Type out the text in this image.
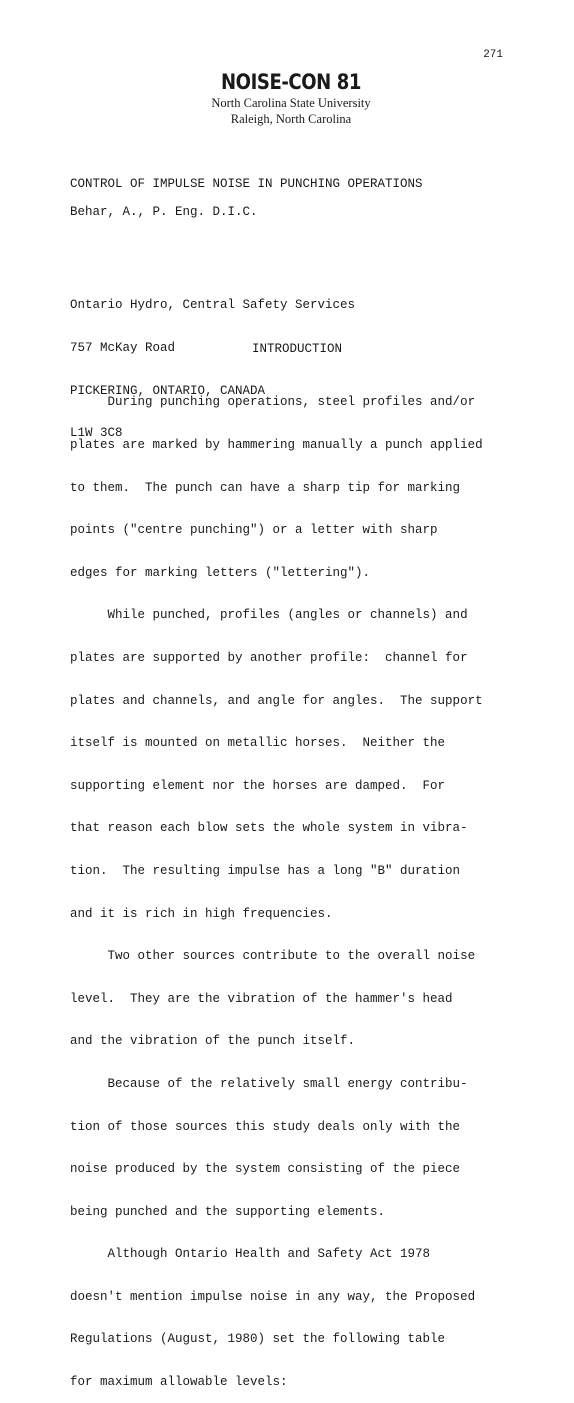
271
NOISE-CON 81
North Carolina State University
Raleigh, North Carolina
CONTROL OF IMPULSE NOISE IN PUNCHING OPERATIONS
Behar, A., P. Eng. D.I.C.

Ontario Hydro, Central Safety Services

757 McKay Road

PICKERING, ONTARIO, CANADA

L1W 3C8

INTRODUCTION

During punching operations, steel profiles and/or

plates are marked by hammering manually a punch applied

to them.  The punch can have a sharp tip for marking

points ("centre punching") or a letter with sharp

edges for marking letters ("lettering").

While punched, profiles (angles or channels) and

plates are supported by another profile:  channel for

plates and channels, and angle for angles.  The support

itself is mounted on metallic horses.  Neither the

supporting element nor the horses are damped.  For

that reason each blow sets the whole system in vibra-

tion.  The resulting impulse has a long "B" duration

and it is rich in high frequencies.

Two other sources contribute to the overall noise

level.  They are the vibration of the hammer's head

and the vibration of the punch itself.

Because of the relatively small energy contribu-

tion of those sources this study deals only with the

noise produced by the system consisting of the piece

being punched and the supporting elements.

Although Ontario Health and Safety Act 1978

doesn't mention impulse noise in any way, the Proposed

Regulations (August, 1980) set the following table

for maximum allowable levels:
